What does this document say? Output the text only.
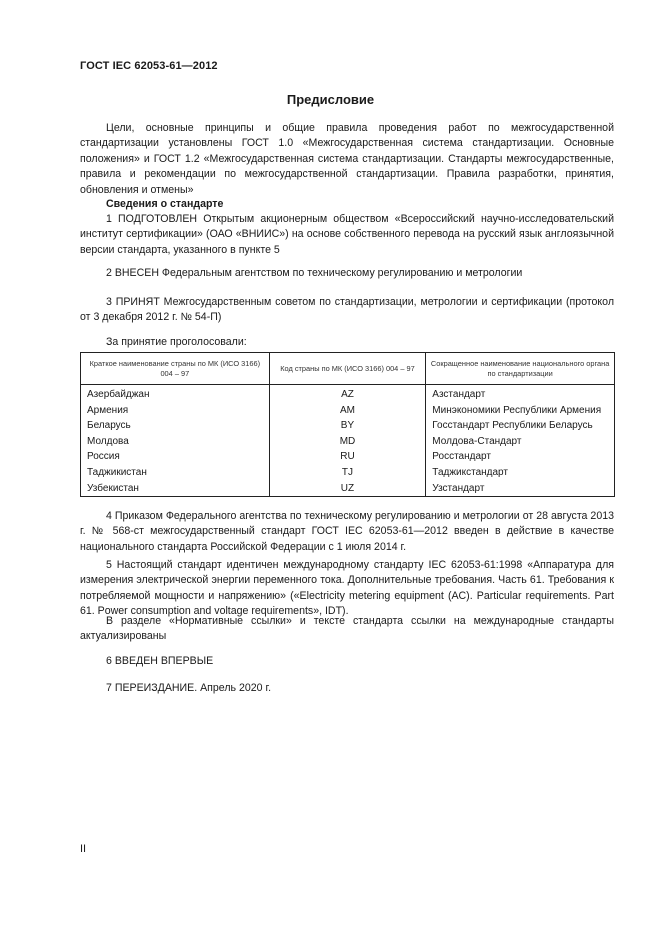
ГОСТ IEC 62053-61—2012
Предисловие
Цели, основные принципы и общие правила проведения работ по межгосударственной стандартизации установлены ГОСТ 1.0 «Межгосударственная система стандартизации. Основные положения» и ГОСТ 1.2 «Межгосударственная система стандартизации. Стандарты межгосударственные, правила и рекомендации по межгосударственной стандартизации. Правила разработки, принятия, обновления и отмены»
Сведения о стандарте
1 ПОДГОТОВЛЕН Открытым акционерным обществом «Всероссийский научно-исследовательский институт сертификации» (ОАО «ВНИИС») на основе собственного перевода на русский язык англоязычной версии стандарта, указанного в пункте 5
2 ВНЕСЕН Федеральным агентством по техническому регулированию и метрологии
3 ПРИНЯТ Межгосударственным советом по стандартизации, метрологии и сертификации (протокол от 3 декабря 2012 г. № 54-П)
За принятие проголосовали:
Краткое наименование страны по МК (ИСО 3166) 004 – 97	Код страны по МК (ИСО 3166) 004 – 97	Сокращенное наименование национального органа по стандартизации
Азербайджан	AZ	Азстандарт
Армения	AM	Минэкономики Республики Армения
Беларусь	BY	Госстандарт Республики Беларусь
Молдова	MD	Молдова-Стандарт
Россия	RU	Росстандарт
Таджикистан	TJ	Таджикстандарт
Узбекистан	UZ	Узстандарт
4 Приказом Федерального агентства по техническому регулированию и метрологии от 28 августа 2013 г. № 568-ст межгосударственный стандарт ГОСТ IEC 62053-61—2012 введен в действие в качестве национального стандарта Российской Федерации с 1 июля 2014 г.
5 Настоящий стандарт идентичен международному стандарту IEC 62053-61:1998 «Аппаратура для измерения электрической энергии переменного тока. Дополнительные требования. Часть 61. Требования к потребляемой мощности и напряжению» («Electricity metering equipment (AC). Particular requirements. Part 61. Power consumption and voltage requirements», IDT).
В разделе «Нормативные ссылки» и тексте стандарта ссылки на международные стандарты актуализированы
6 ВВЕДЕН ВПЕРВЫЕ
7 ПЕРЕИЗДАНИЕ. Апрель 2020 г.
II
